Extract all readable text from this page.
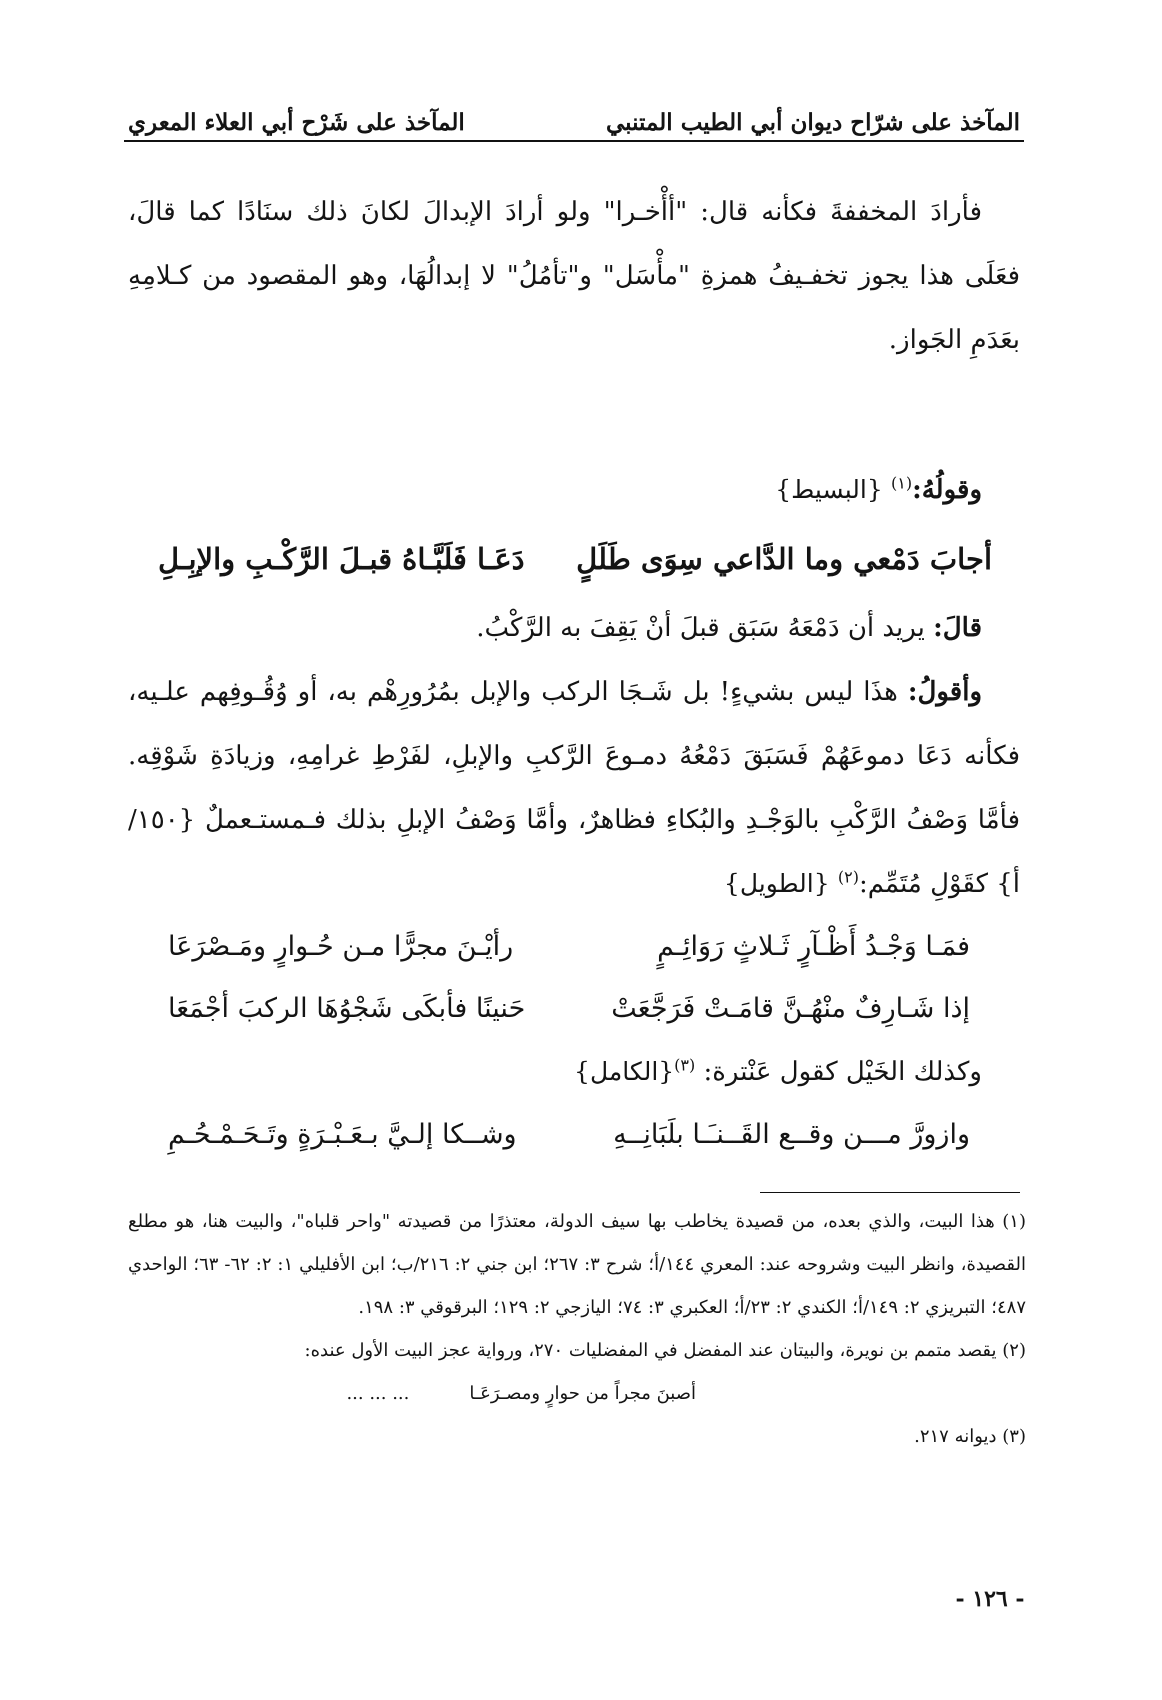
المآخذ على شرّاح ديوان أبي الطيب المتنبي
المآخذ على شَرْح أبي العلاء المعري

فأرادَ المخففةَ فكأنه قال: "أأْخـرا" ولو أرادَ الإبدالَ لكانَ ذلك سنَادًا كما قالَ، فعَلَى هذا يجوز تخفـيفُ همزةِ "مأْسَل" و"تأمُلُ" لا إبدالُهَا، وهو المقصود من كـلامِهِ بعَدَمِ الجَواز.

وقولُهُ:$^{(١)}$ {البسيط}

أجابَ دَمْعي وما الدَّاعي سِوَى طَلَلٍ
دَعَـا فَلَبَّـاهُ قبـلَ الرَّكْـبِ والإبِـلِ

قالَ: يريد أن دَمْعَهُ سَبَق قبلَ أنْ يَقِفَ به الرَّكْبُ.

وأقولُ: هذَا ليس بشيءٍ! بل شَـجَا الركب والإبل بمُرُورِهْم به، أو وُقُـوفِهم علـيه، فكأنه دَعَا دموعَهُمْ فَسَبَقَ دَمْعُهُ دمـوعَ الرَّكبِ والإبلِ، لفَرْطِ غرامِهِ، وزيادَةِ شَوْقِه. فأمَّا وَصْفُ الرَّكْبِ بالوَجْـدِ والبُكاءِ فظاهرٌ، وأمَّا وَصْفُ الإبلِ بذلك فـمستـعملٌ {١٥٠/أ} كقَوْلِ مُتَمِّم:$^{(٢)}$ {الطويل}

فمَـا وَجْـدُ أَظْـآرٍ ثَـلاثٍ رَوَائِـمٍ
رأيْـنَ مجرًّا مـن حُـوارٍ ومَـصْرَعَا
إذا شَـارِفٌ منْهُـنَّ قامَـتْ فَرَجَّعَتْ
حَنينًا فأبكَى شَجْوُهَا الركبَ أجْمَعَا

وكذلك الخَيْل كقول عَنْترة: $^{(٣)}${الكامل}

وازورَّ مـــن وقــع القَــنـَـا بلَبَانِــهِ
وشــكا إلـيَّ بـعَـبْـرَةٍ وتَـحَـمْـحُـمِ

(١) هذا البيت، والذي بعده، من قصيدة يخاطب بها سيف الدولة، معتذرًا من قصيدته "واحر قلباه"، والبيت هنا، هو مطلع القصيدة، وانظر البيت وشروحه عند: المعري ١٤٤/أ؛ شرح ٣: ٢٦٧؛ ابن جني ٢: ٢١٦/ب؛ ابن الأفليلي ١: ٢: ٦٢- ٦٣؛ الواحدي ٤٨٧؛ التبريزي ٢: ١٤٩/أ؛ الكندي ٢: ٢٣/أ؛ العكبري ٣: ٧٤؛ اليازجي ٢: ١٢٩؛ البرقوقي ٣: ١٩٨.

(٢) يقصد متمم بن نويرة، والبيتان عند المفضل في المفضليات ٢٧٠، ورواية عجز البيت الأول عنده:

أصبنَ مجراً من حوارٍ ومصـرَعَـا
... ... ...

(٣) ديوانه ٢١٧.

- ١٢٦ -
